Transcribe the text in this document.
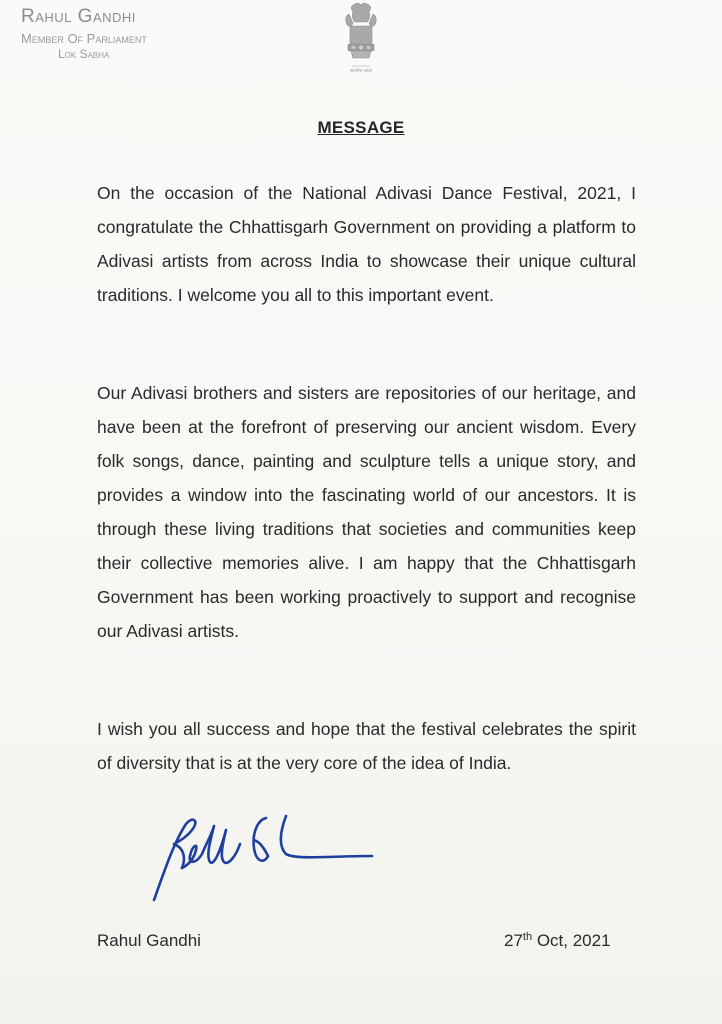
Rahul Gandhi
Member Of Parliament
Lok Sabha
सत्यमेव जयते
MESSAGE
On the occasion of the National Adivasi Dance Festival, 2021, I congratulate the Chhattisgarh Government on providing a platform to Adivasi artists from across India to showcase their unique cultural traditions. I welcome you all to this important event.
Our Adivasi brothers and sisters are repositories of our heritage, and have been at the forefront of preserving our ancient wisdom. Every folk songs, dance, painting and sculpture tells a unique story, and provides a window into the fascinating world of our ancestors. It is through these living traditions that societies and communities keep their collective memories alive. I am happy that the Chhattisgarh Government has been working proactively to support and recognise our Adivasi artists.
I wish you all success and hope that the festival celebrates the spirit of diversity that is at the very core of the idea of India.
Rahul Gandhi	27th Oct, 2021
